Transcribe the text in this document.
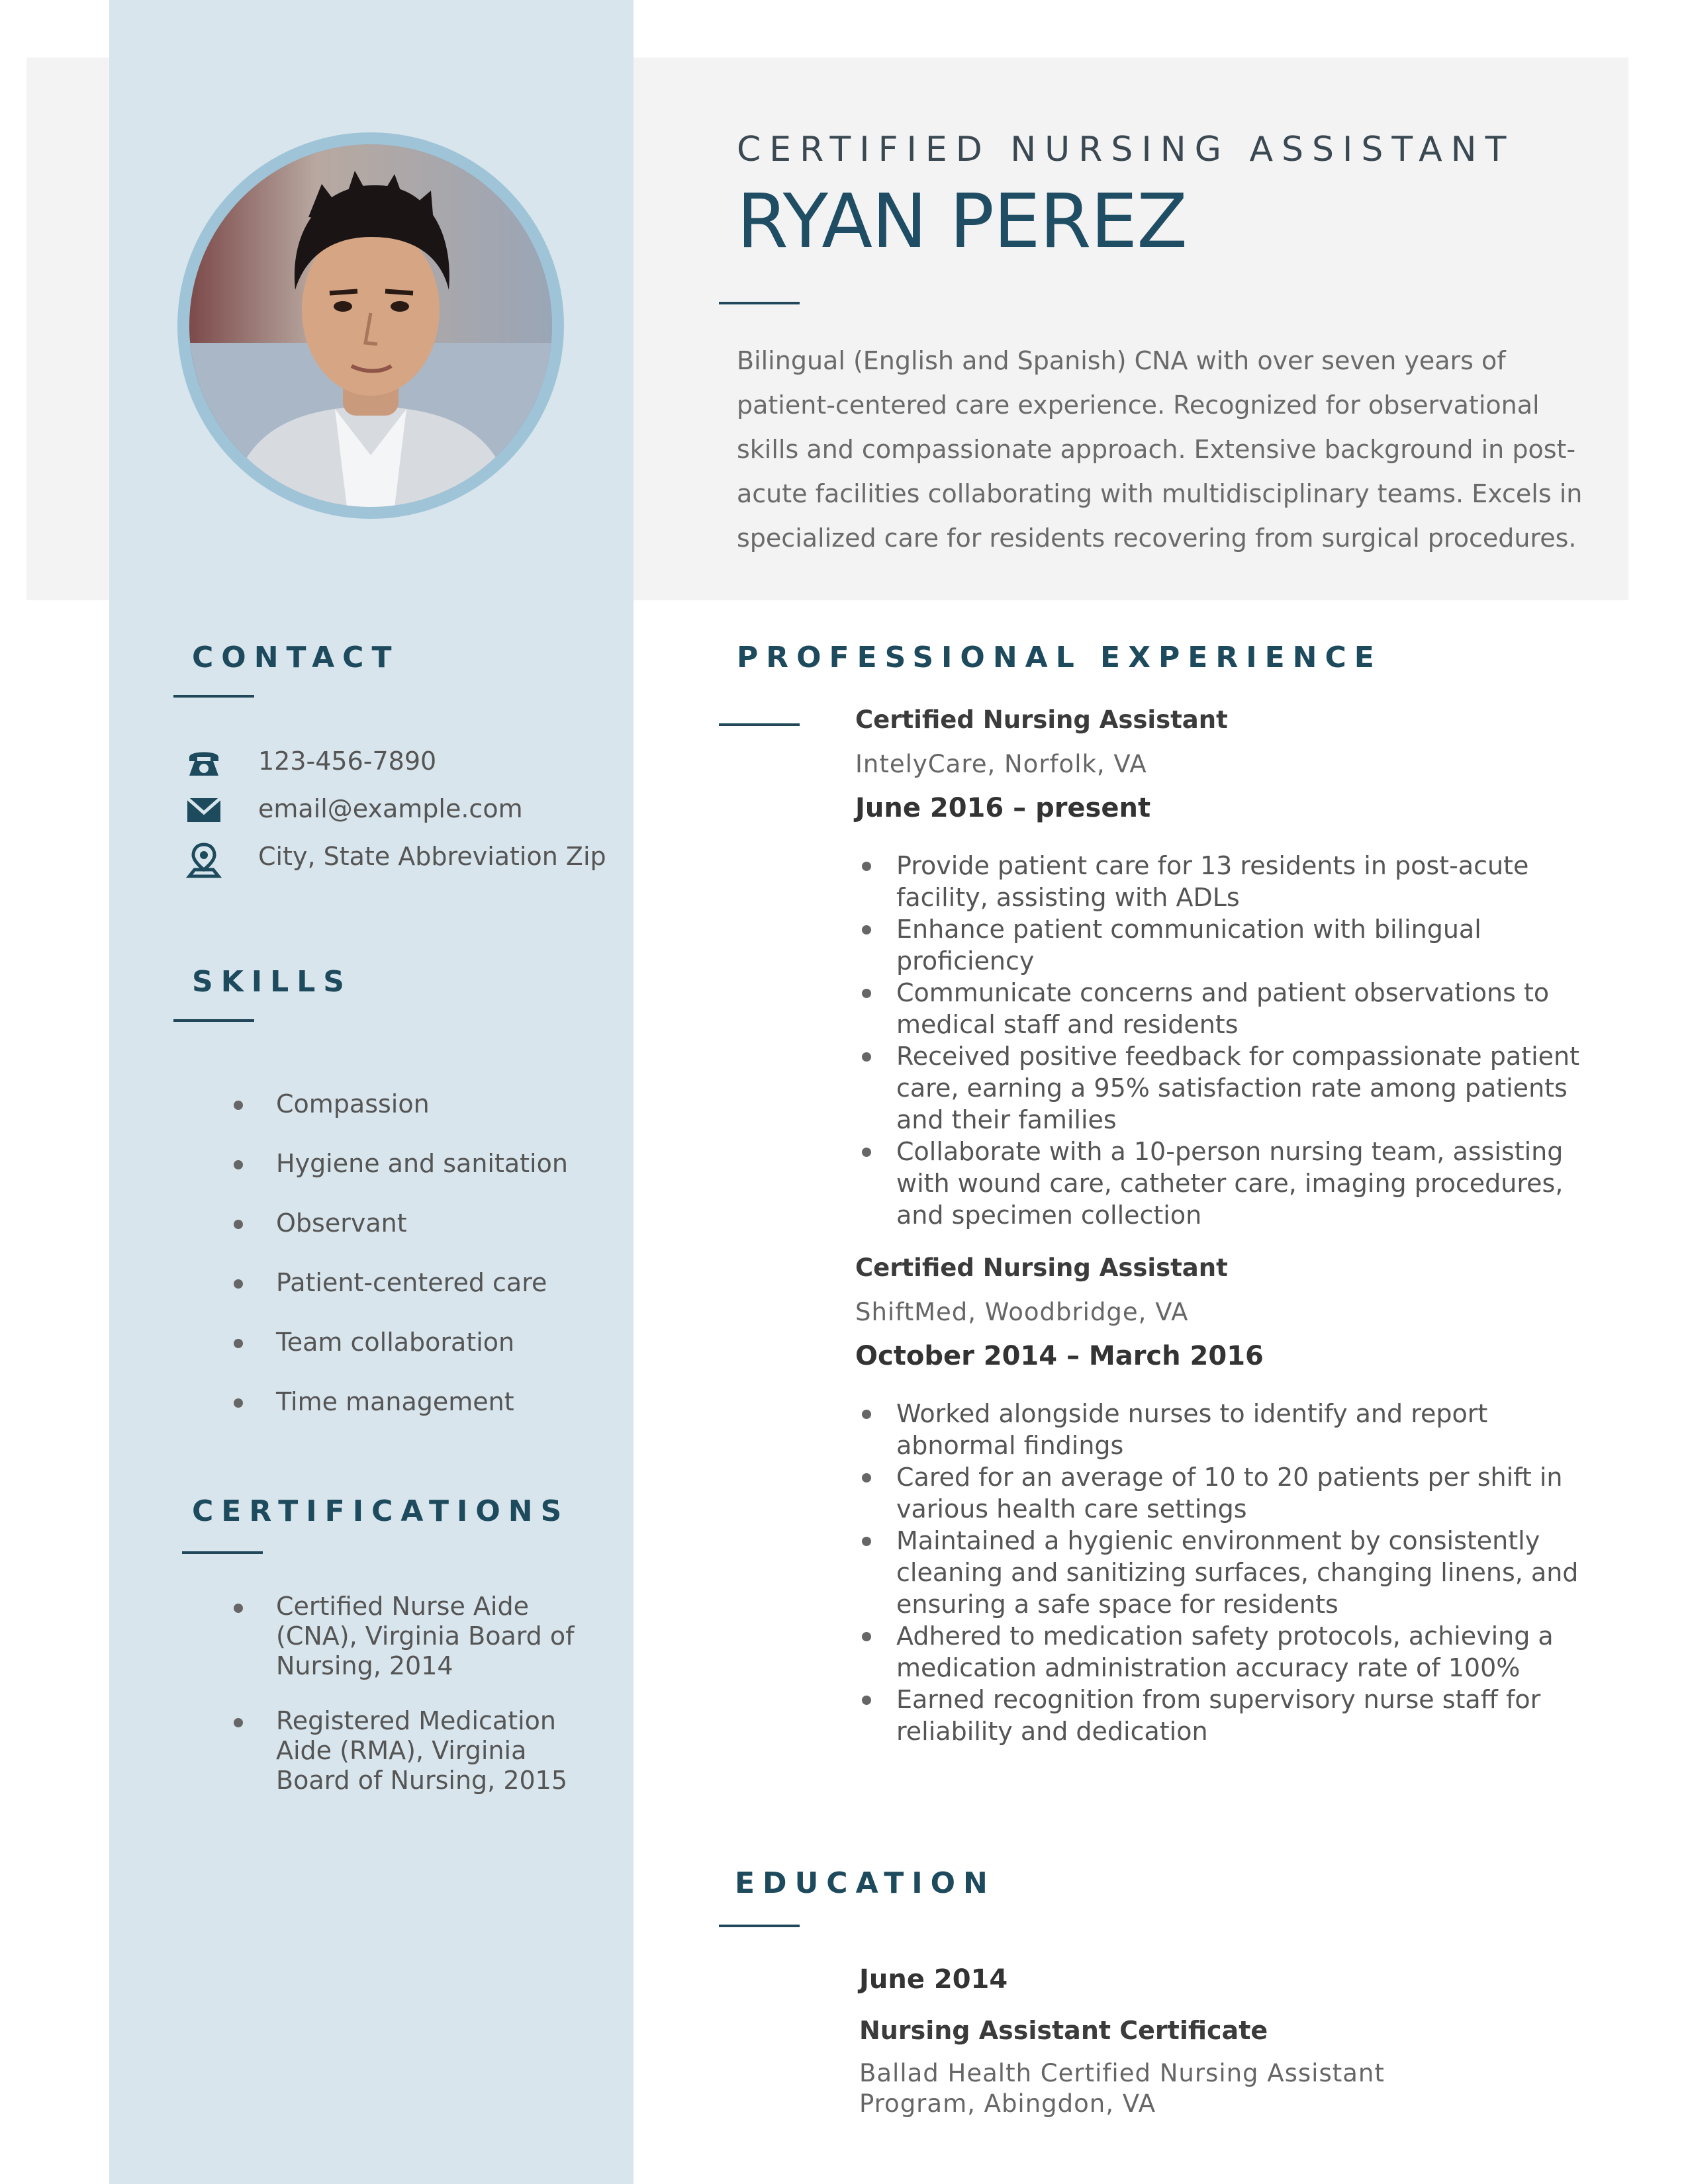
CERTIFIED NURSING ASSISTANT
RYAN PEREZ
Bilingual (English and Spanish) CNA with over seven years of patient-centered care experience. Recognized for observational skills and compassionate approach. Extensive background in post-acute facilities collaborating with multidisciplinary teams. Excels in specialized care for residents recovering from surgical procedures.
CONTACT
123-456-7890
email@example.com
City, State Abbreviation Zip
SKILLS
Compassion
Hygiene and sanitation
Observant
Patient-centered care
Team collaboration
Time management
CERTIFICATIONS
Certified Nurse Aide (CNA), Virginia Board of Nursing, 2014
Registered Medication Aide (RMA), Virginia Board of Nursing, 2015
PROFESSIONAL EXPERIENCE
Certified Nursing Assistant
IntelyCare, Norfolk, VA
June 2016 – present
Provide patient care for 13 residents in post-acute facility, assisting with ADLs
Enhance patient communication with bilingual proficiency
Communicate concerns and patient observations to medical staff and residents
Received positive feedback for compassionate patient care, earning a 95% satisfaction rate among patients and their families
Collaborate with a 10-person nursing team, assisting with wound care, catheter care, imaging procedures, and specimen collection
Certified Nursing Assistant
ShiftMed, Woodbridge, VA
October 2014 – March 2016
Worked alongside nurses to identify and report abnormal findings
Cared for an average of 10 to 20 patients per shift in various health care settings
Maintained a hygienic environment by consistently cleaning and sanitizing surfaces, changing linens, and ensuring a safe space for residents
Adhered to medication safety protocols, achieving a medication administration accuracy rate of 100%
Earned recognition from supervisory nurse staff for reliability and dedication
EDUCATION
June 2014
Nursing Assistant Certificate
Ballad Health Certified Nursing Assistant Program, Abingdon, VA
